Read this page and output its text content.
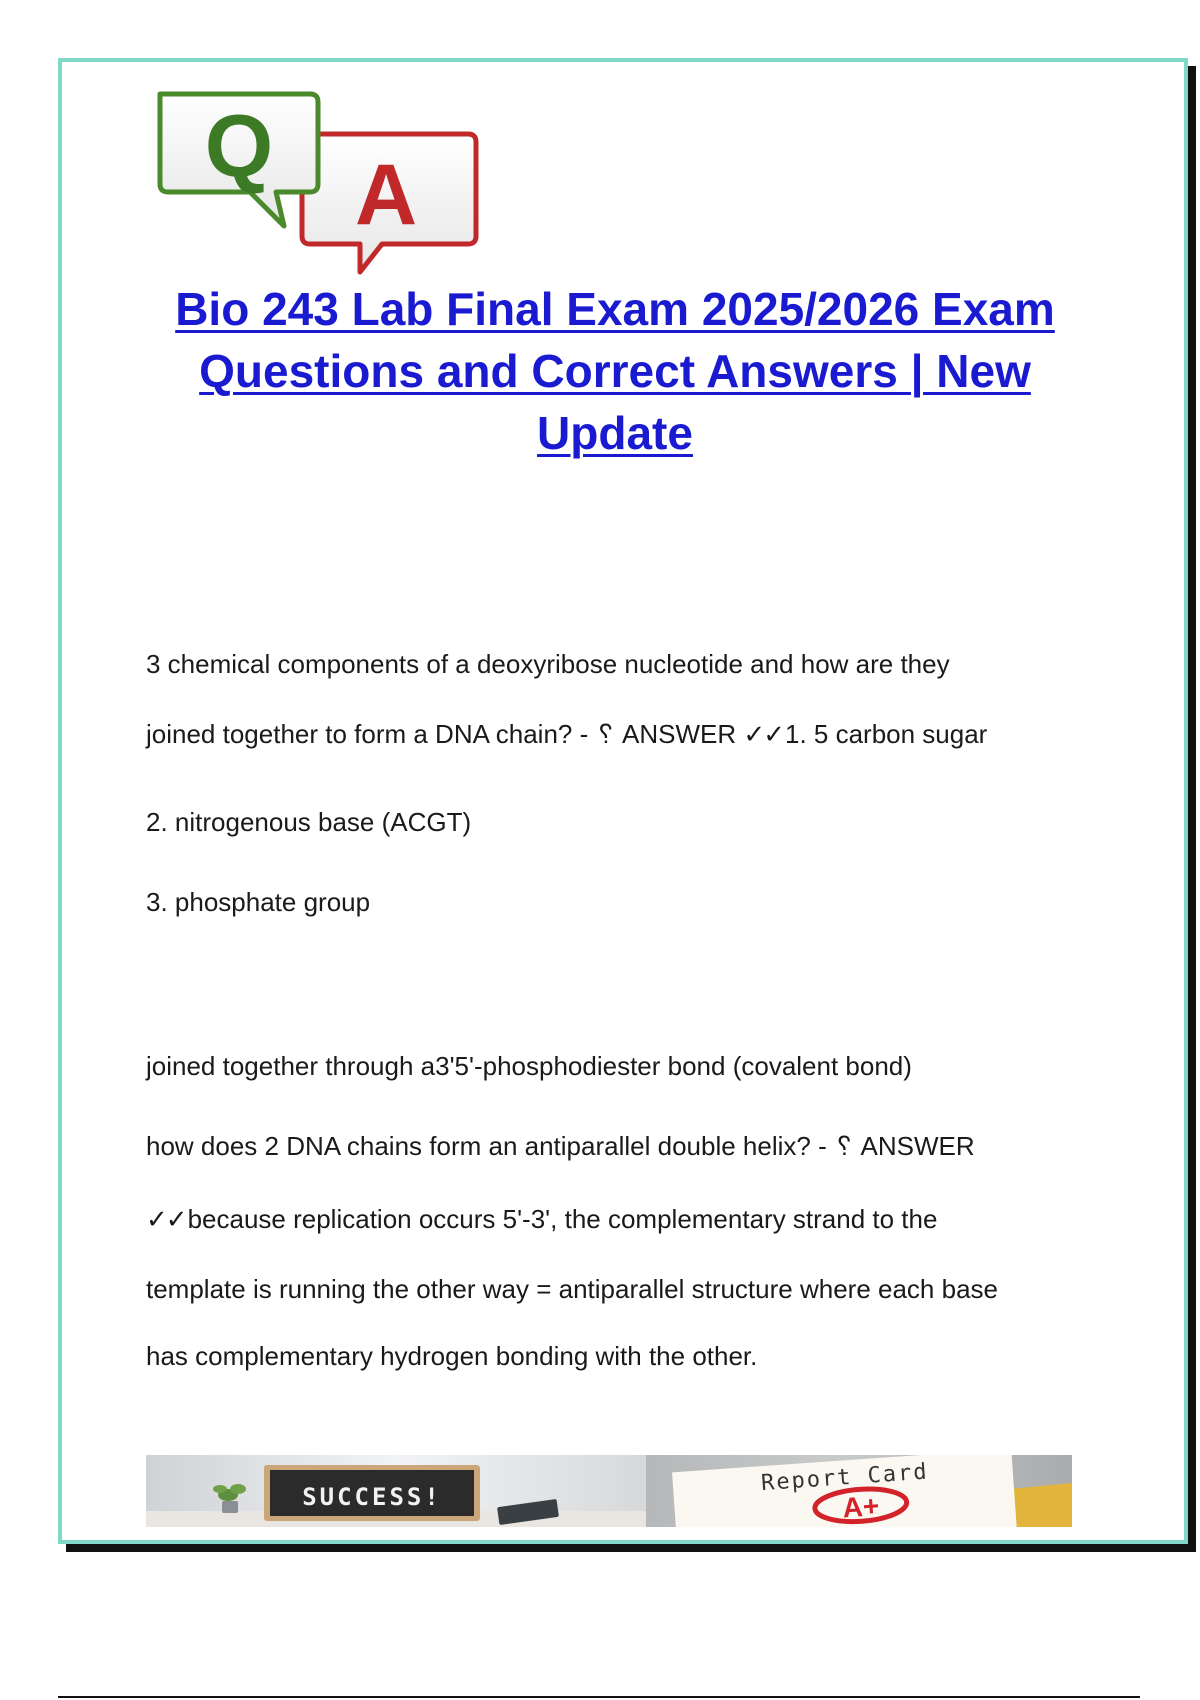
A
Q
Bio 243 Lab Final Exam 2025/2026 Exam
Questions and Correct Answers | New
Update
3 chemical components of a deoxyribose nucleotide and how are they
joined together to form a DNA chain? - ␦ ANSWER ✓✓1. 5 carbon sugar
2. nitrogenous base (ACGT)
3. phosphate group
joined together through a3'5'-phosphodiester bond (covalent bond)
how does 2 DNA chains form an antiparallel double helix? - ␦ ANSWER
✓✓because replication occurs 5'-3', the complementary strand to the
template is running the other way = antiparallel structure where each base
has complementary hydrogen bonding with the other.
SUCCESS!
Report Card
A+
